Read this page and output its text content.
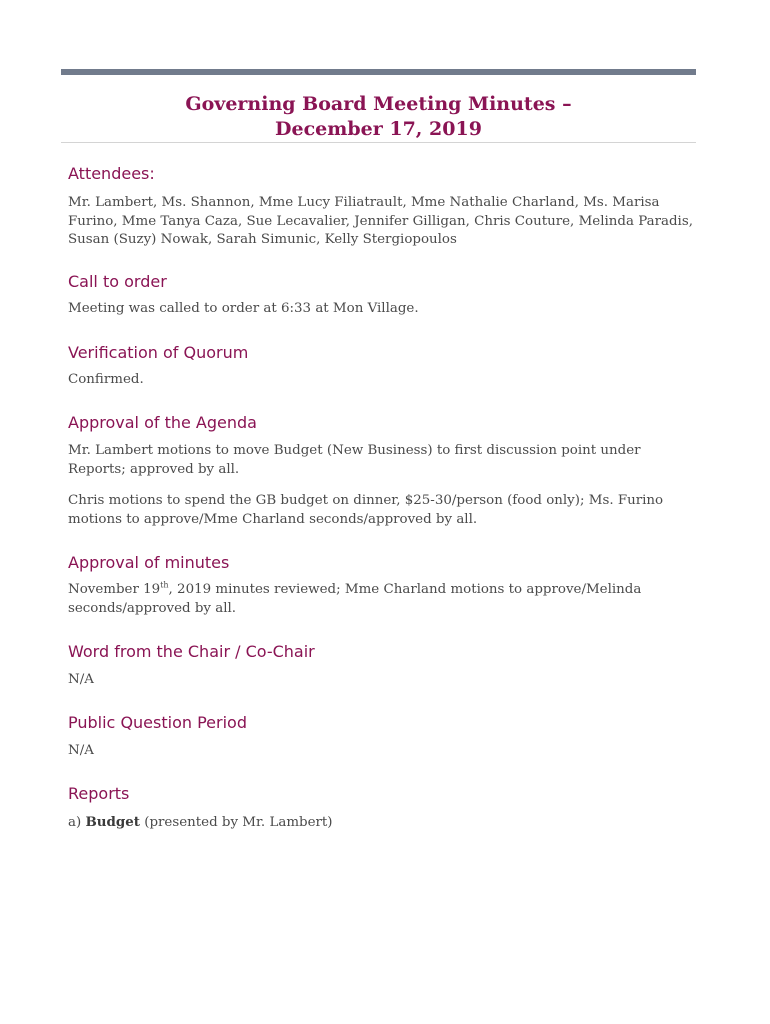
Governing Board Meeting Minutes –
December 17, 2019
Attendees:

Mr. Lambert, Ms. Shannon, Mme Lucy Filiatrault, Mme Nathalie Charland, Ms. Marisa Furino, Mme Tanya Caza, Sue Lecavalier, Jennifer Gilligan, Chris Couture, Melinda Paradis, Susan (Suzy) Nowak, Sarah Simunic, Kelly Stergiopoulos

Call to order

Meeting was called to order at 6:33 at Mon Village.

Verification of Quorum

Confirmed.

Approval of the Agenda

Mr. Lambert motions to move Budget (New Business) to first discussion point under Reports; approved by all.

Chris motions to spend the GB budget on dinner, $25-30/person (food only); Ms. Furino motions to approve/Mme Charland seconds/approved by all.

Approval of minutes

November 19th, 2019 minutes reviewed; Mme Charland motions to approve/Melinda seconds/approved by all.

Word from the Chair / Co-Chair

N/A

Public Question Period

N/A

Reports

a) Budget (presented by Mr. Lambert)
